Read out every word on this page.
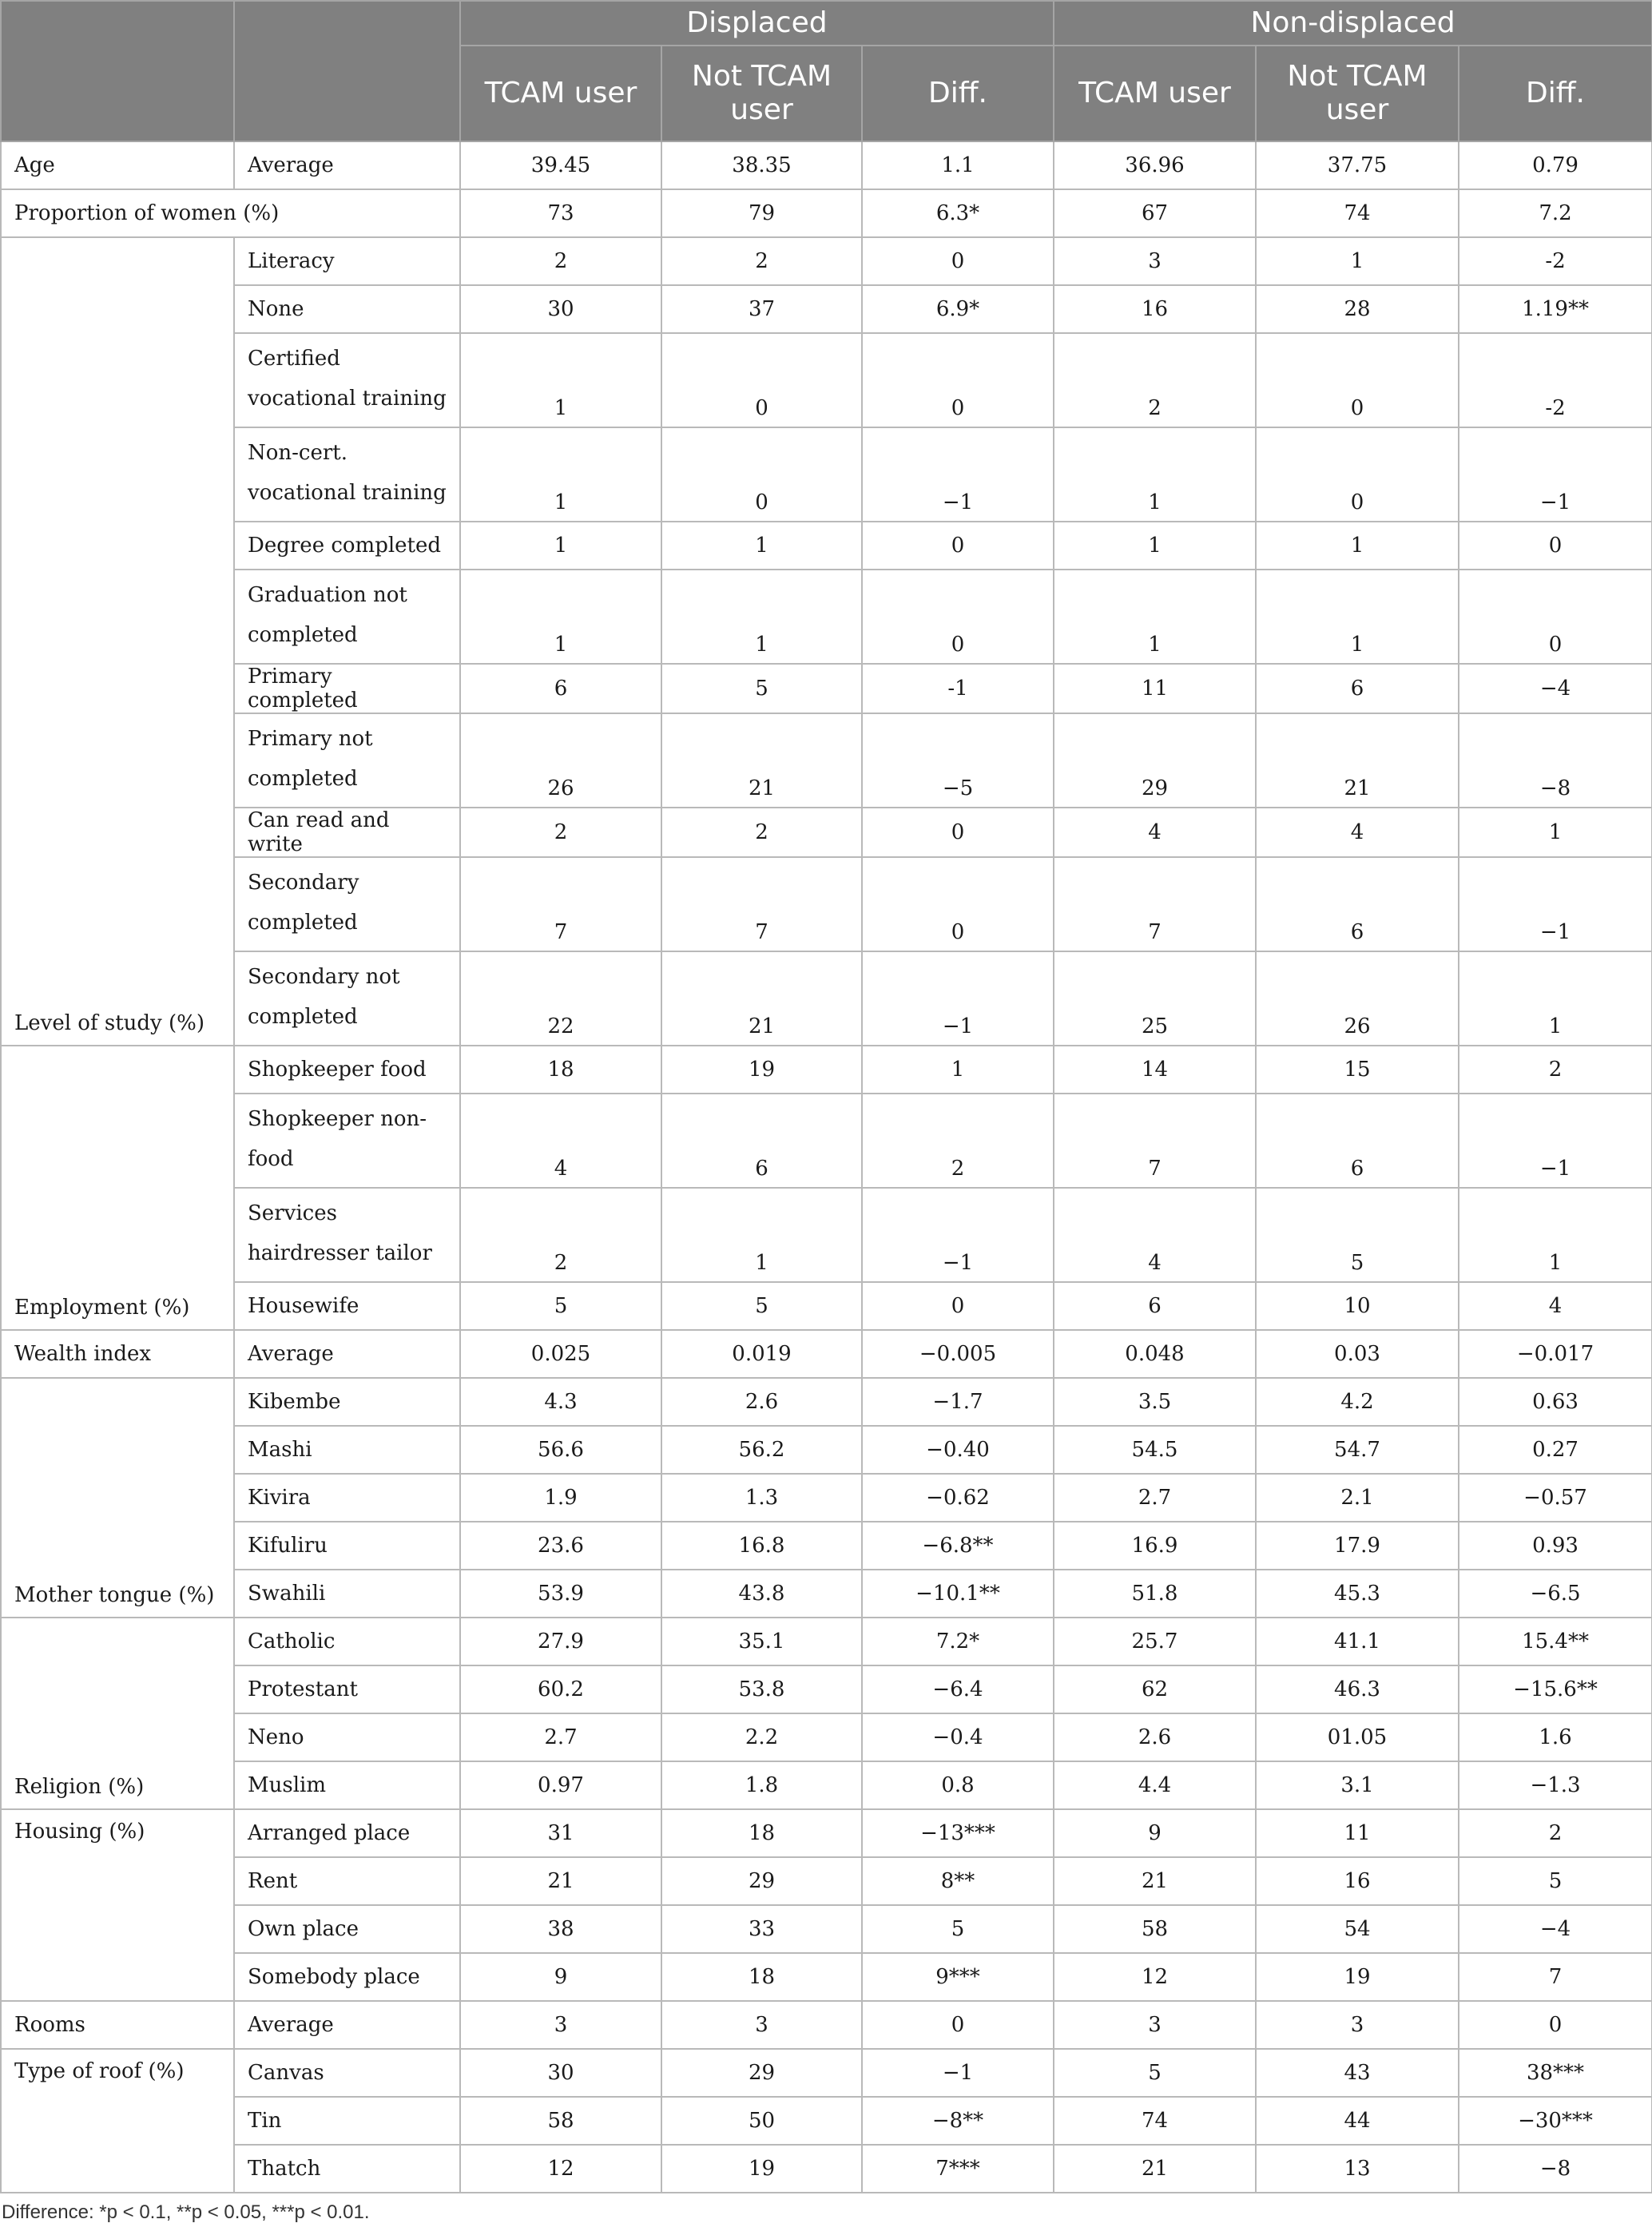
		Displaced			Non-displaced		
		TCAM user	Not TCAM user	Diff.	TCAM user	Not TCAM user	Diff.
Age	Average	39.45	38.35	1.1	36.96	37.75	0.79
Proportion of women (%)		73	79	6.3*	67	74	7.2
Level of study (%)	Literacy	2	2	0	3	1	-2
	None	30	37	6.9*	16	28	1.19**
	Certified vocational training	1	0	0	2	0	-2
	Non-cert. vocational training	1	0	−1	1	0	−1
	Degree completed	1	1	0	1	1	0
	Graduation not completed	1	1	0	1	1	0
	Primary completed	6	5	-1	11	6	−4
	Primary not completed	26	21	−5	29	21	−8
	Can read and write	2	2	0	4	4	1
	Secondary completed	7	7	0	7	6	−1
	Secondary not completed	22	21	−1	25	26	1
Employment (%)	Shopkeeper food	18	19	1	14	15	2
	Shopkeeper non-food	4	6	2	7	6	−1
	Services hairdresser tailor	2	1	−1	4	5	1
	Housewife	5	5	0	6	10	4
Wealth index	Average	0.025	0.019	−0.005	0.048	0.03	−0.017
Mother tongue (%)	Kibembe	4.3	2.6	−1.7	3.5	4.2	0.63
	Mashi	56.6	56.2	−0.40	54.5	54.7	0.27
	Kivira	1.9	1.3	−0.62	2.7	2.1	−0.57
	Kifuliru	23.6	16.8	−6.8**	16.9	17.9	0.93
	Swahili	53.9	43.8	−10.1**	51.8	45.3	−6.5
Religion (%)	Catholic	27.9	35.1	7.2*	25.7	41.1	15.4**
	Protestant	60.2	53.8	−6.4	62	46.3	−15.6**
	Neno	2.7	2.2	−0.4	2.6	01.05	1.6
	Muslim	0.97	1.8	0.8	4.4	3.1	−1.3
Housing (%)	Arranged place	31	18	−13***	9	11	2
	Rent	21	29	8**	21	16	5
	Own place	38	33	5	58	54	−4
	Somebody place	9	18	9***	12	19	7
Rooms	Average	3	3	0	3	3	0
Type of roof (%)	Canvas	30	29	−1	5	43	38***
	Tin	58	50	−8**	74	44	−30***
	Thatch	12	19	7***	21	13	−8
Difference: *p < 0.1, **p < 0.05, ***p < 0.01.
